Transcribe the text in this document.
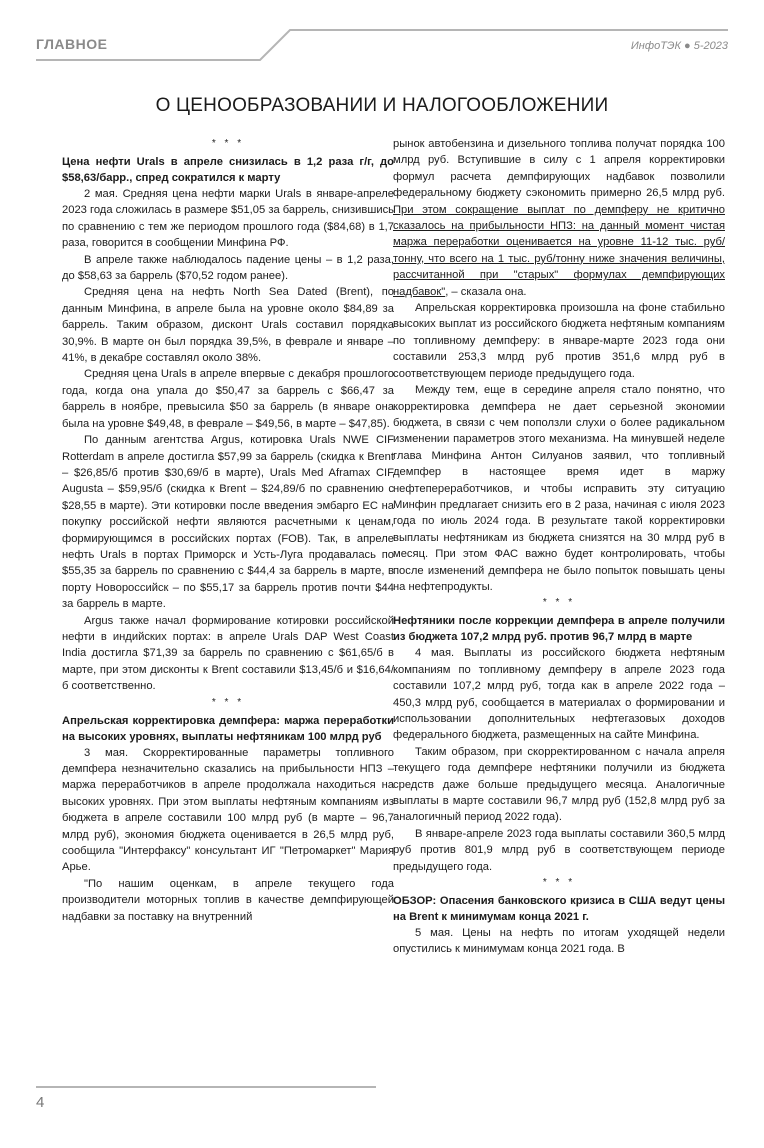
ГЛАВНОЕ	ИнфоТЭК ● 5-2023
О ЦЕНООБРАЗОВАНИИ И НАЛОГООБЛОЖЕНИИ
* * *

Цена нефти Urals в апреле снизилась в 1,2 раза г/г, до $58,63/барр., спред сократился к марту

2 мая. Средняя цена нефти марки Urals в январе-апреле 2023 года сложилась в размере $51,05 за баррель, снизившись по сравнению с тем же периодом прошлого года ($84,68) в 1,7 раза, говорится в сообщении Минфина РФ.

В апреле также наблюдалось падение цены – в 1,2 раза, до $58,63 за баррель ($70,52 годом ранее).

Средняя цена на нефть North Sea Dated (Brent), по данным Минфина, в апреле была на уровне около $84,89 за баррель. Таким образом, дисконт Urals составил порядка 30,9%. В марте он был порядка 39,5%, в феврале и январе – 41%, в декабре составлял около 38%.

Средняя цена Urals в апреле впервые с декабря прошлого года, когда она упала до $50,47 за баррель с $66,47 за баррель в ноябре, превысила $50 за баррель (в январе она была на уровне $49,48, в феврале – $49,56, в марте – $47,85).

По данным агентства Argus, котировка Urals NWE CIF Rotterdam в апреле достигла $57,99 за баррель (скидка к Brent – $26,85/б против $30,69/б в марте), Urals Med Aframax CIF Augusta – $59,95/б (скидка к Brent – $24,89/б по сравнению с $28,55 в марте). Эти котировки после введения эмбарго ЕС на покупку российской нефти являются расчетными к ценам, формирующимся в российских портах (FOB). Так, в апреле нефть Urals в портах Приморск и Усть-Луга продавалась по $55,35 за баррель по сравнению с $44,4 за баррель в марте, в порту Новороссийск – по $55,17 за баррель против почти $44 за баррель в марте.

Argus также начал формирование котировки российской нефти в индийских портах: в апреле Urals DAP West Coast India достигла $71,39 за баррель по сравнению с $61,65/б в марте, при этом дисконты к Brent составили $13,45/б и $16,64/б соответственно.

* * *

Апрельская корректировка демпфера: маржа переработки на высоких уровнях, выплаты нефтяникам 100 млрд руб

3 мая. Скорректированные параметры топливного демпфера незначительно сказались на прибыльности НПЗ – маржа переработчиков в апреле продолжала находиться на высоких уровнях. При этом выплаты нефтяным компаниям из бюджета в апреле составили 100 млрд руб (в марте – 96,7 млрд руб), экономия бюджета оценивается в 26,5 млрд руб, сообщила "Интерфаксу" консультант ИГ "Петромаркет" Мария Арье.

"По нашим оценкам, в апреле текущего года производители моторных топлив в качестве демпфирующей надбавки за поставку на внутренний

рынок автобензина и дизельного топлива получат порядка 100 млрд руб. Вступившие в силу с 1 апреля корректировки формул расчета демпфирующих надбавок позволили федеральному бюджету сэкономить примерно 26,5 млрд руб. При этом сокращение выплат по демпферу не критично сказалось на прибыльности НПЗ: на данный момент чистая маржа переработки оценивается на уровне 11-12 тыс. руб/тонну, что всего на 1 тыс. руб/тонну ниже значения величины, рассчитанной при "старых" формулах демпфирующих надбавок", – сказала она.

Апрельская корректировка произошла на фоне стабильно высоких выплат из российского бюджета нефтяным компаниям по топливному демпферу: в январе-марте 2023 года они составили 253,3 млрд руб против 351,6 млрд руб в соответствующем периоде предыдущего года.

Между тем, еще в середине апреля стало понятно, что корректировка демпфера не дает серьезной экономии бюджета, в связи с чем поползли слухи о более радикальном изменении параметров этого механизма. На минувшей неделе глава Минфина Антон Силуанов заявил, что топливный демпфер в настоящее время идет в маржу нефтепереработчиков, и чтобы исправить эту ситуацию Минфин предлагает снизить его в 2 раза, начиная с июля 2023 года по июль 2024 года. В результате такой корректировки выплаты нефтяникам из бюджета снизятся на 30 млрд руб в месяц. При этом ФАС важно будет контролировать, чтобы после изменений демпфера не было попыток повышать цены на нефтепродукты.

* * *

Нефтяники после коррекции демпфера в апреле получили из бюджета 107,2 млрд руб. против 96,7 млрд в марте

4 мая. Выплаты из российского бюджета нефтяным компаниям по топливному демпферу в апреле 2023 года составили 107,2 млрд руб, тогда как в апреле 2022 года – 450,3 млрд руб, сообщается в материалах о формировании и использовании дополнительных нефтегазовых доходов федерального бюджета, размещенных на сайте Минфина.

Таким образом, при скорректированном с начала апреля текущего года демпфере нефтяники получили из бюджета средств даже больше предыдущего месяца. Аналогичные выплаты в марте составили 96,7 млрд руб (152,8 млрд руб за аналогичный период 2022 года).

В январе-апреле 2023 года выплаты составили 360,5 млрд руб против 801,9 млрд руб в соответствующем периоде предыдущего года.

* * *

ОБЗОР: Опасения банковского кризиса в США ведут цены на Brent к минимумам конца 2021 г.

5 мая. Цены на нефть по итогам уходящей недели опустились к минимумам конца 2021 года. В

4
